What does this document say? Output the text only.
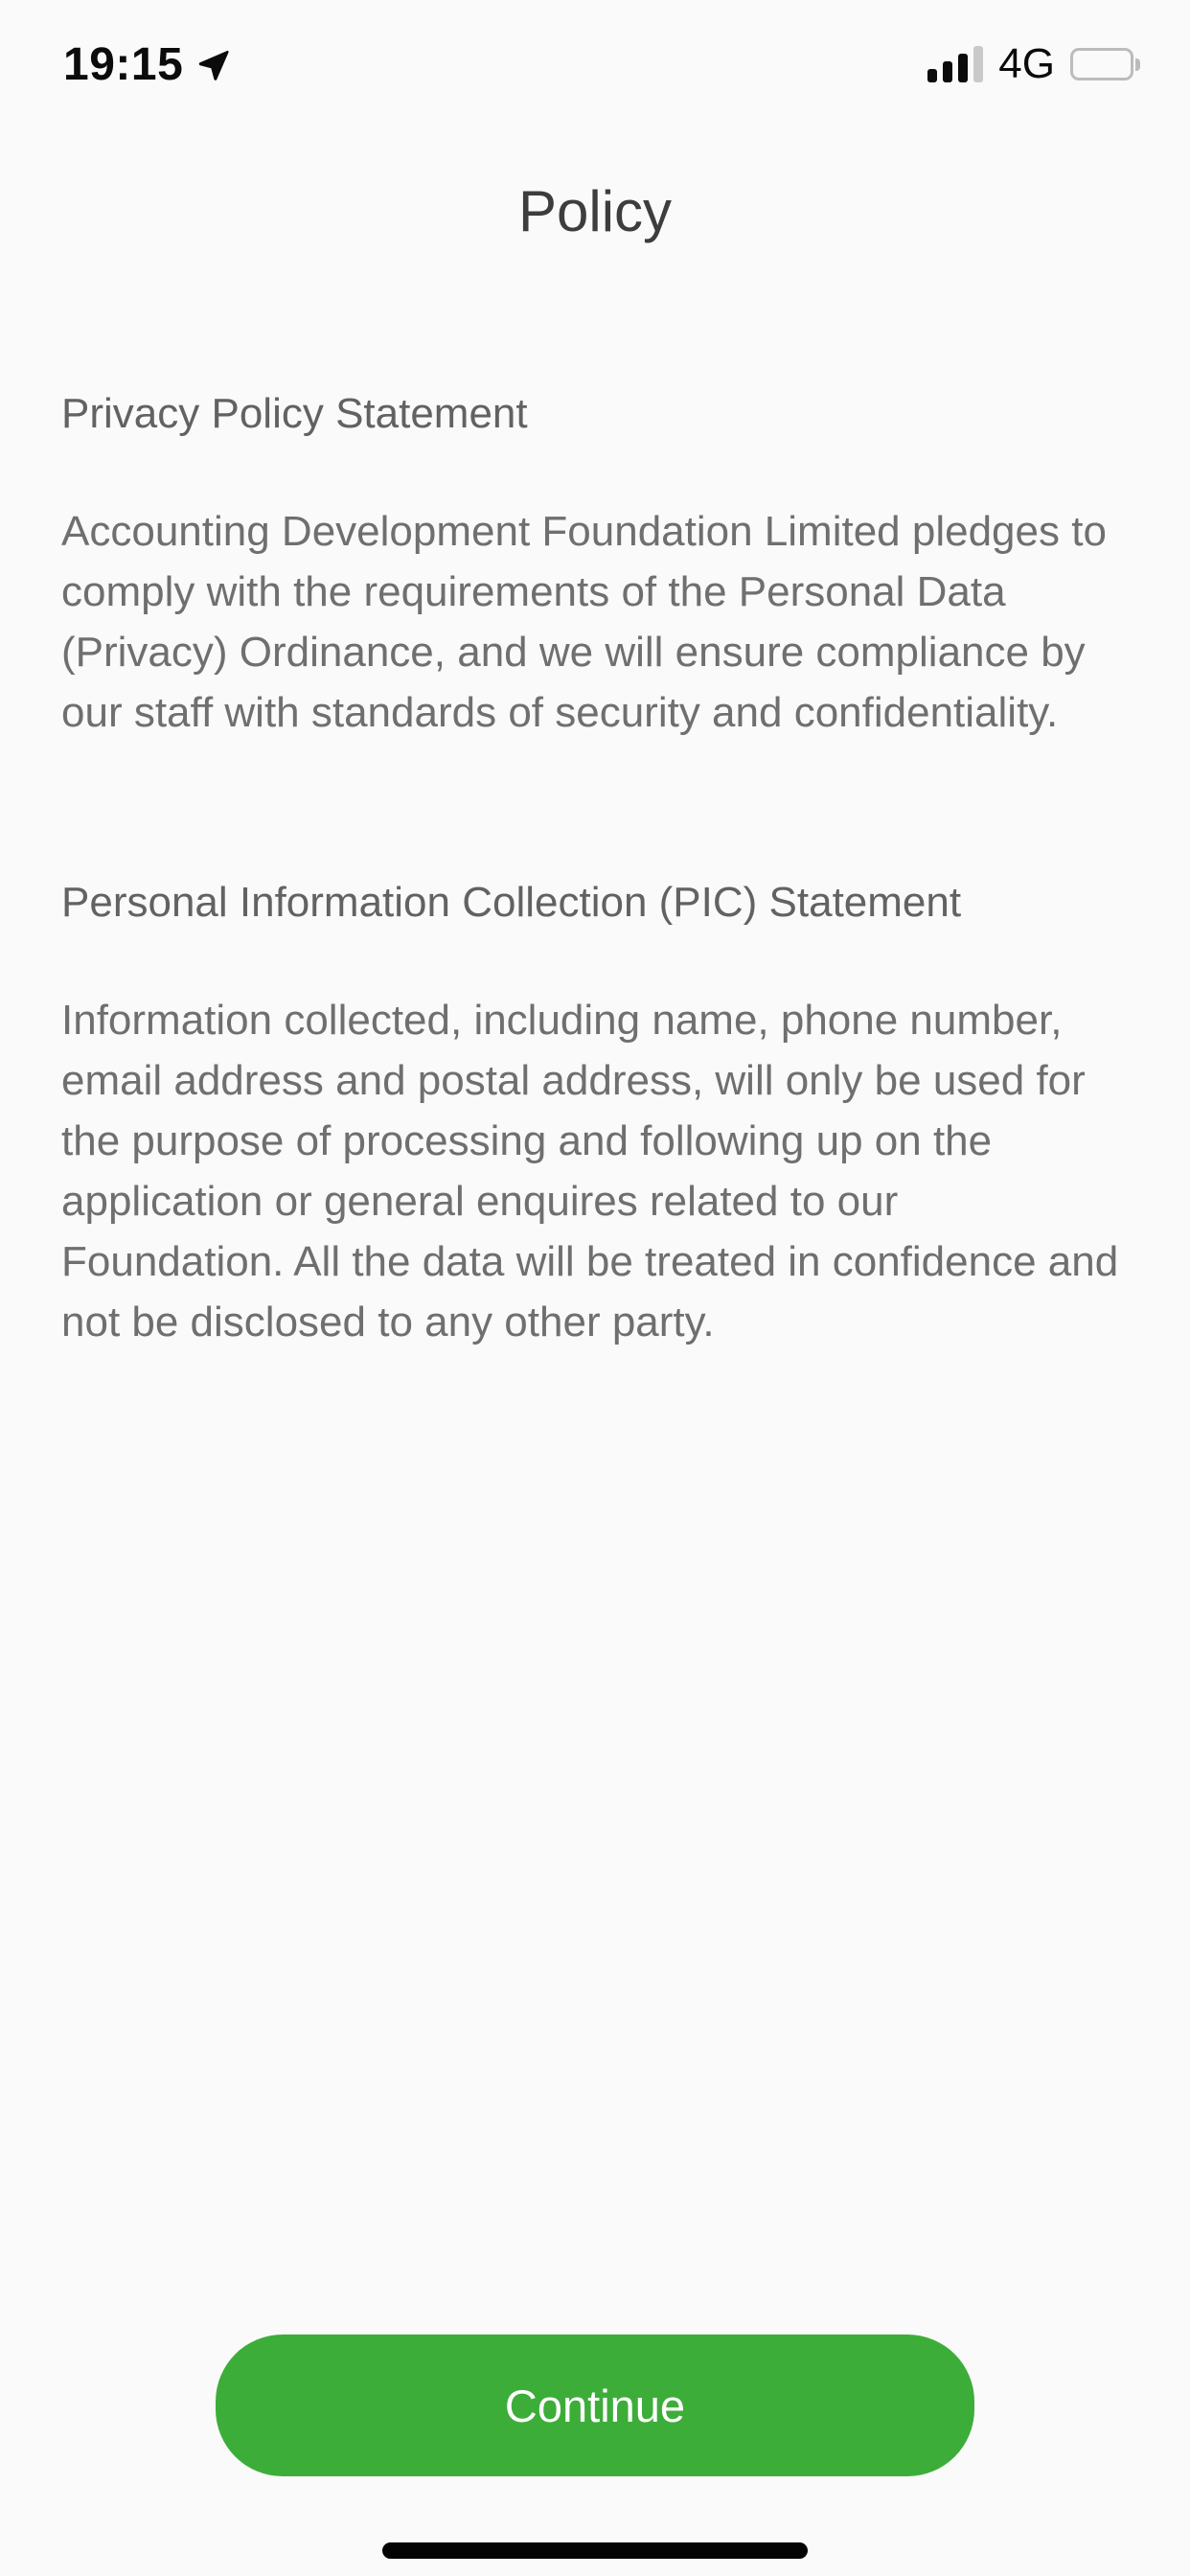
19:15	4G
Policy
Privacy Policy Statement

Accounting Development Foundation Limited pledges to comply with the requirements of the Personal Data (Privacy) Ordinance, and we will ensure compliance by our staff with standards of security and confidentiality.

Personal Information Collection (PIC) Statement

Information collected, including name, phone number, email address and postal address, will only be used for the purpose of processing and following up on the application or general enquires related to our Foundation. All the data will be treated in confidence and not be disclosed to any other party.

Continue
